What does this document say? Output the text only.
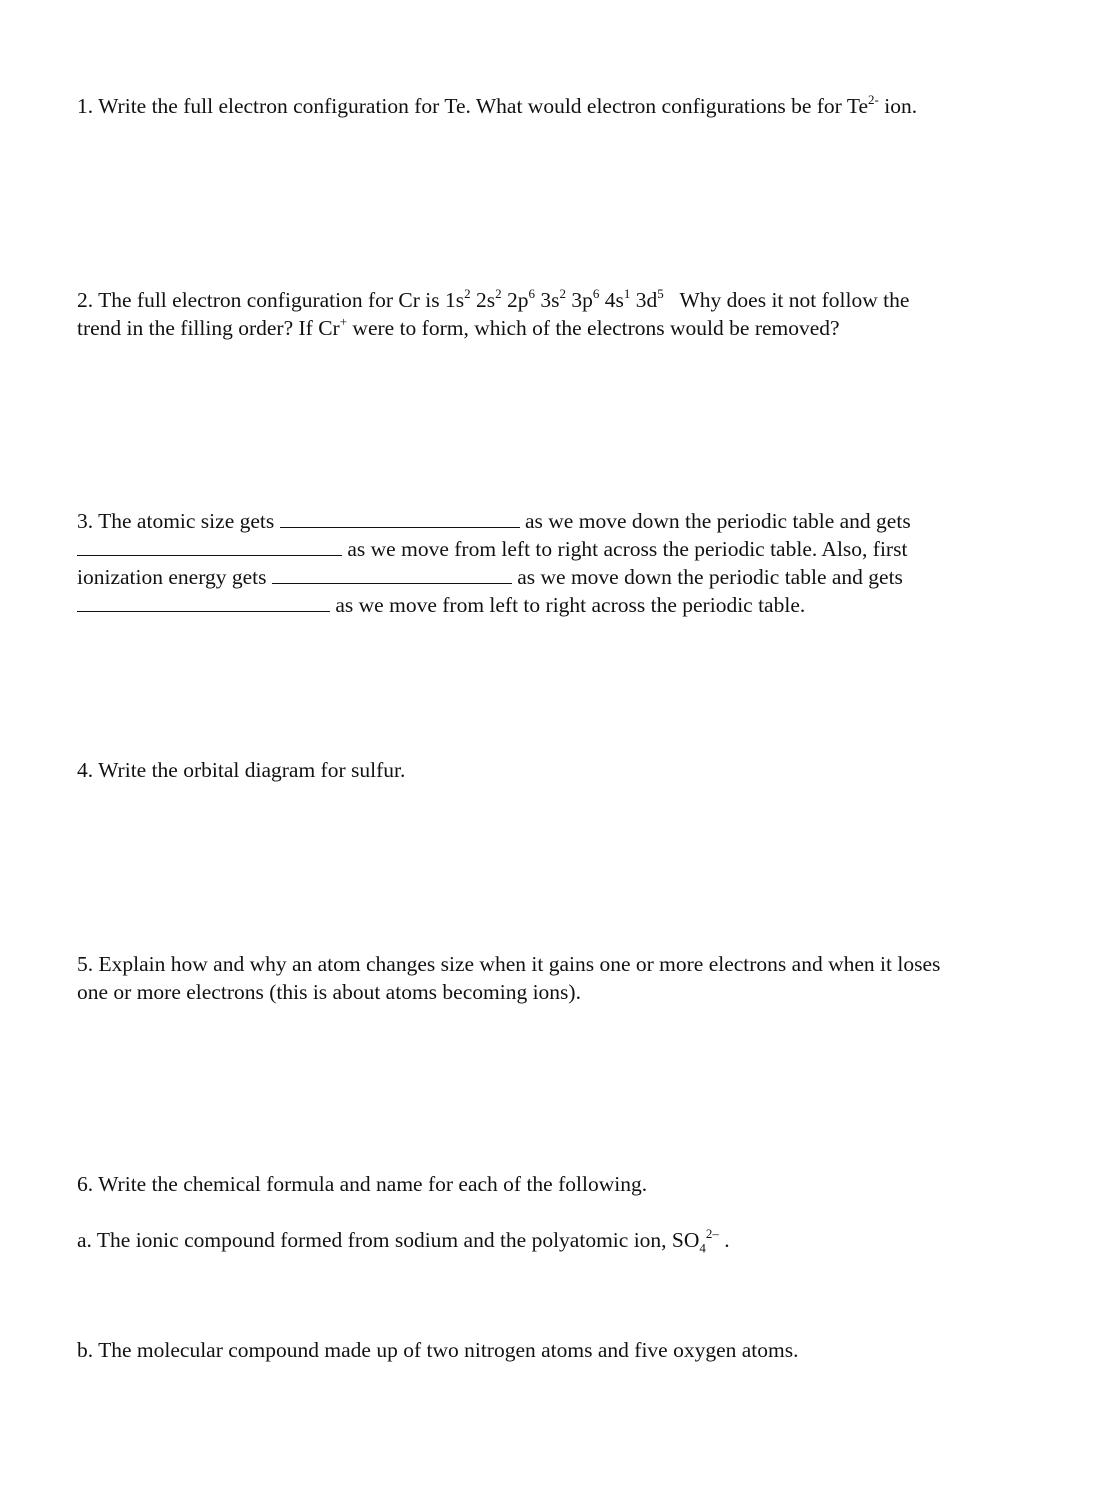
1. Write the full electron configuration for Te. What would electron configurations be for $Te^{2-}$ ion.
2. The full electron configuration for Cr is $1s^2$ $2s^2$ $2p^6$ $3s^2$ $3p^6$ $4s^1$ $3d^5$   Why does it not follow the
trend in the filling order? If Cr+ were to form, which of the electrons would be removed?
3. The atomic size gets	as we move down the periodic table and gets
as we move from left to right across the periodic table. Also, first
ionization energy gets	as we move down the periodic table and gets
as we move from left to right across the periodic table.
4. Write the orbital diagram for sulfur.
5. Explain how and why an atom changes size when it gains one or more electrons and when it loses
one or more electrons (this is about atoms becoming ions).
6. Write the chemical formula and name for each of the following.
a. The ionic compound formed from sodium and the polyatomic ion, $SO_4^{2-}$ .
b. The molecular compound made up of two nitrogen atoms and five oxygen atoms.
